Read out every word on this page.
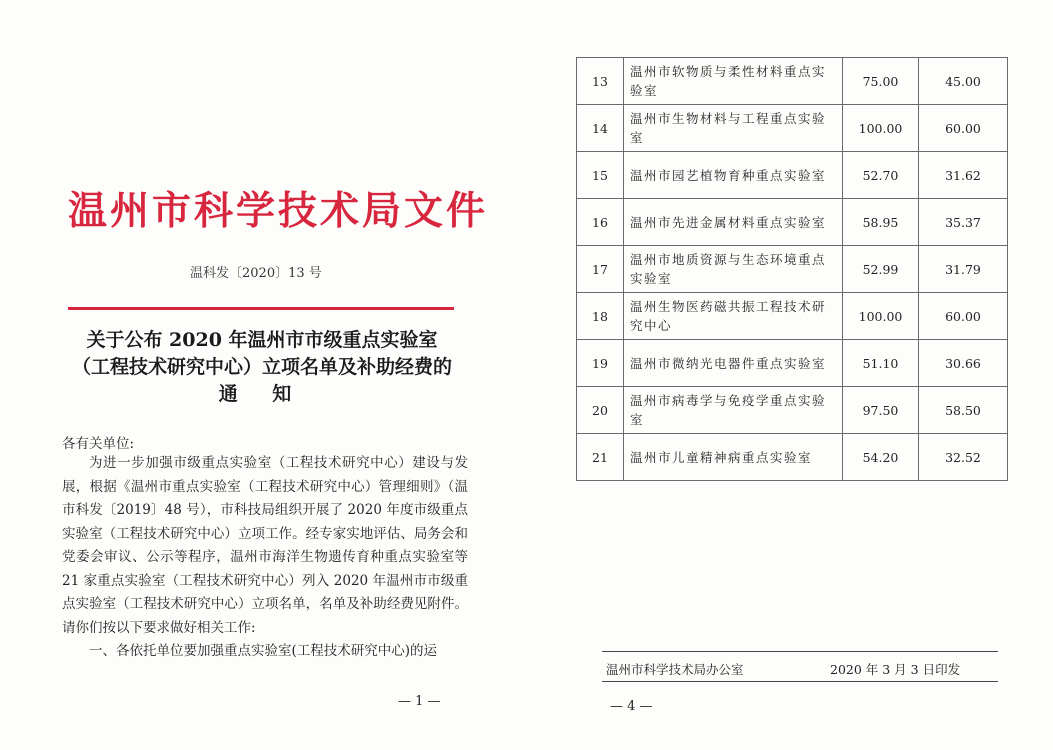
温州市科学技术局文件
温科发〔2020〕13 号
关于公布 2020 年温州市市级重点实验室
（工程技术研究中心）立项名单及补助经费的
通 知
各有关单位:

为进一步加强市级重点实验室（工程技术研究中心）建设与发展，根据《温州市重点实验室（工程技术研究中心）管理细则》（温市科发〔2019〕48 号），市科技局组织开展了 2020 年度市级重点实验室（工程技术研究中心）立项工作。经专家实地评估、局务会和党委会审议、公示等程序，温州市海洋生物遗传育种重点实验室等 21 家重点实验室（工程技术研究中心）列入 2020 年温州市市级重点实验室（工程技术研究中心）立项名单，名单及补助经费见附件。请你们按以下要求做好相关工作:

一、各依托单位要加强重点实验室(工程技术研究中心)的运

— 1 —
13	温州市软物质与柔性材料重点实验室	75.00	45.00
14	温州市生物材料与工程重点实验室	100.00	60.00
15	温州市园艺植物育种重点实验室	52.70	31.62
16	温州市先进金属材料重点实验室	58.95	35.37
17	温州市地质资源与生态环境重点实验室	52.99	31.79
18	温州生物医药磁共振工程技术研究中心	100.00	60.00
19	温州市微纳光电器件重点实验室	51.10	30.66
20	温州市病毒学与免疫学重点实验室	97.50	58.50
21	温州市儿童精神病重点实验室	54.20	32.52
温州市科学技术局办公室	2020 年 3 月 3 日印发
— 4 —
